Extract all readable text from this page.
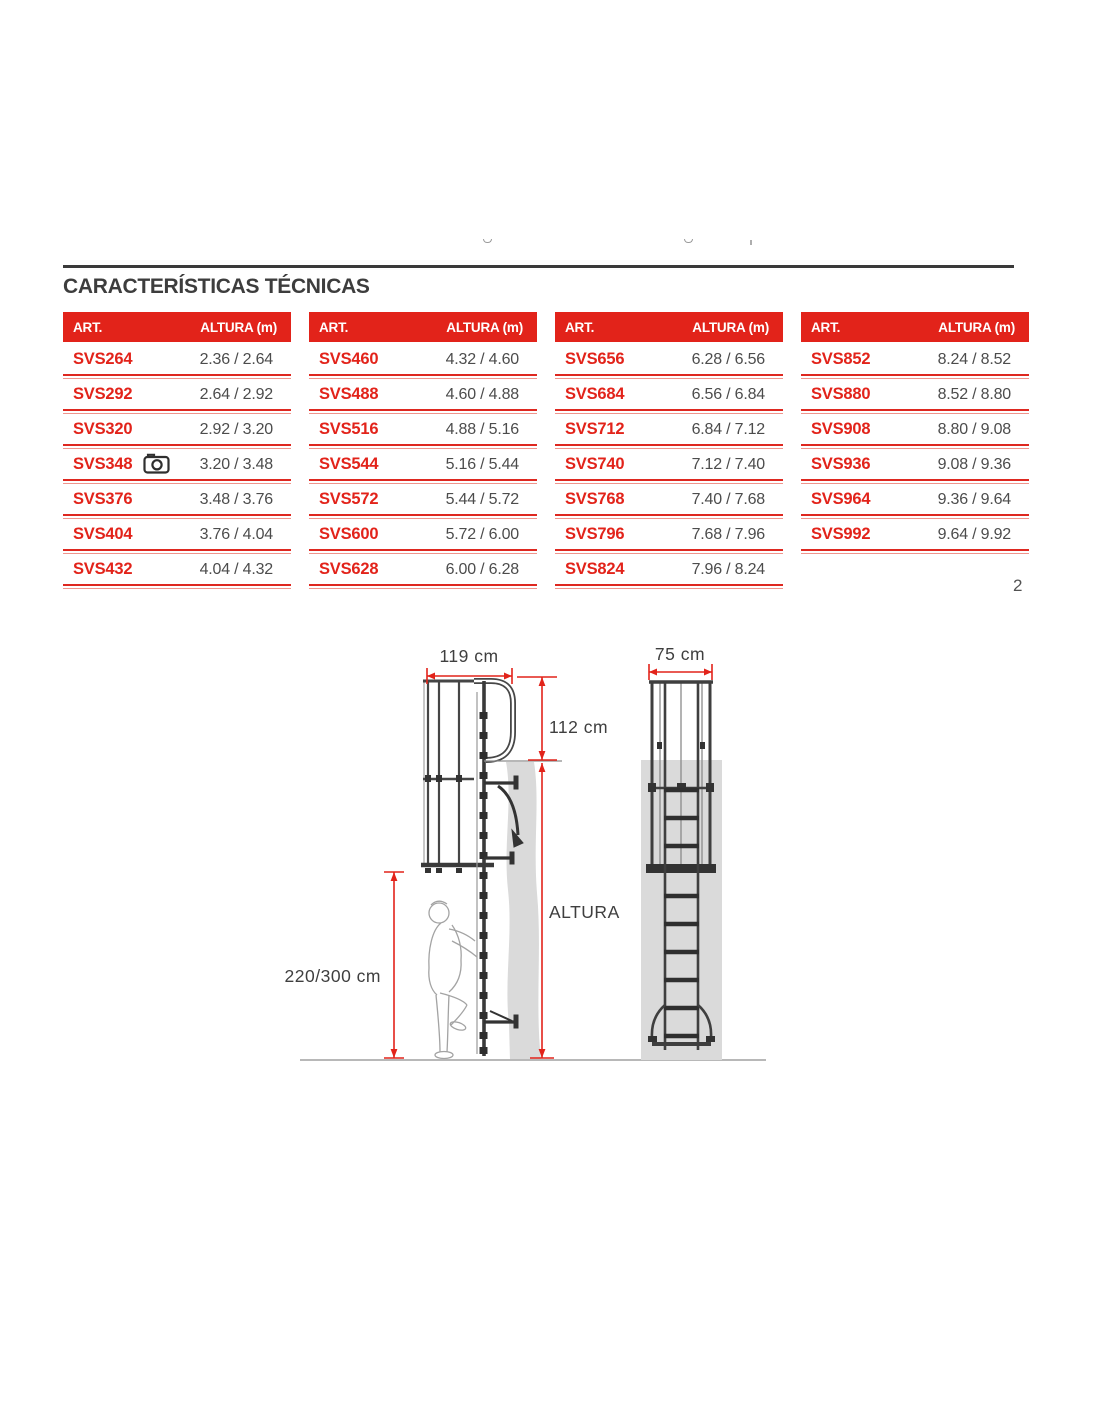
CARACTERÍSTICAS TÉCNICAS
ART.	ALTURA (m)
SVS264	2.36 / 2.64
SVS292	2.64 / 2.92
SVS320	2.92 / 3.20
SVS348	3.20 / 3.48
SVS376	3.48 / 3.76
SVS404	3.76 / 4.04
SVS432	4.04 / 4.32
ART.	ALTURA (m)
SVS460	4.32 / 4.60
SVS488	4.60 / 4.88
SVS516	4.88 / 5.16
SVS544	5.16 / 5.44
SVS572	5.44 / 5.72
SVS600	5.72 / 6.00
SVS628	6.00 / 6.28
ART.	ALTURA (m)
SVS656	6.28 / 6.56
SVS684	6.56 / 6.84
SVS712	6.84 / 7.12
SVS740	7.12 / 7.40
SVS768	7.40 / 7.68
SVS796	7.68 / 7.96
SVS824	7.96 / 8.24
ART.	ALTURA (m)
SVS852	8.24 / 8.52
SVS880	8.52 / 8.80
SVS908	8.80 / 9.08
SVS936	9.08 / 9.36
SVS964	9.36 / 9.64
SVS992	9.64 / 9.92
2
119 cm
112 cm
ALTURA
220/300 cm
75 cm
